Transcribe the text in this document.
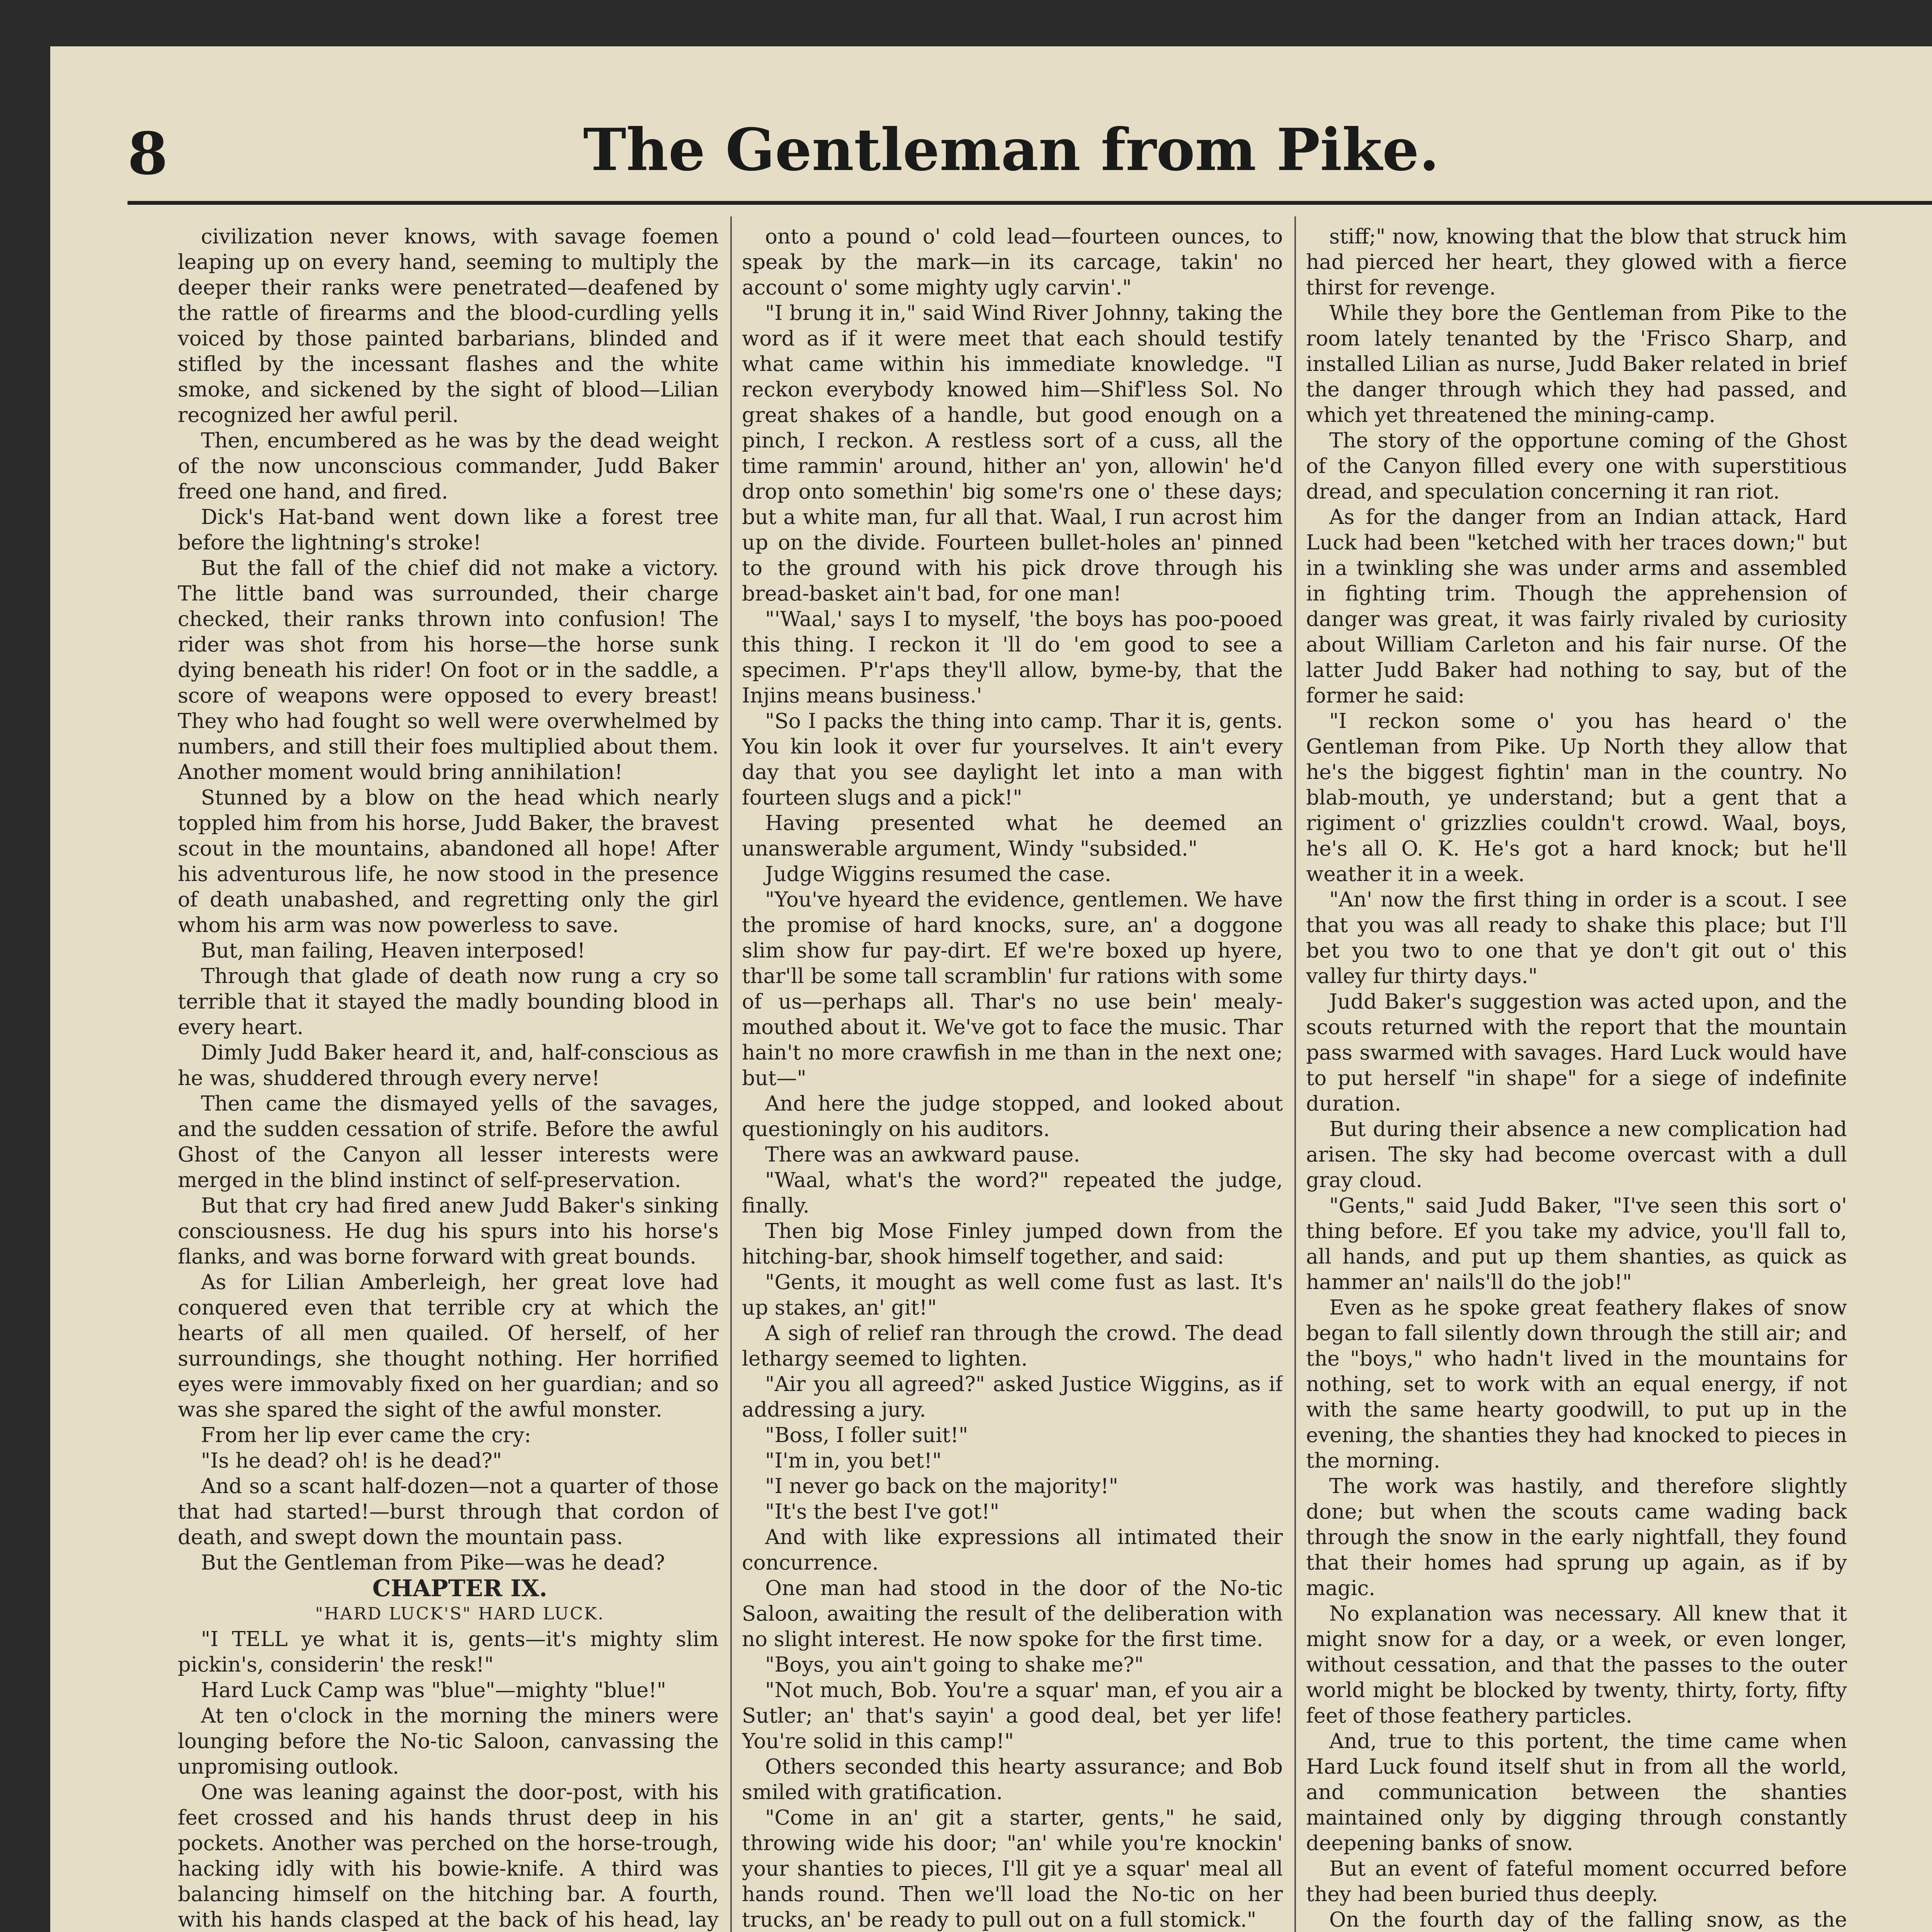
8	The Gentleman from Pike.

civilization never knows, with savage foemen leaping up on every hand, seeming to multiply the deeper their ranks were penetrated—deafened by the rattle of firearms and the blood-curdling yells voiced by those painted barbarians, blinded and stifled by the incessant flashes and the white smoke, and sickened by the sight of blood—Lilian recognized her awful peril.

Then, encumbered as he was by the dead weight of the now unconscious commander, Judd Baker freed one hand, and fired.

Dick's Hat-band went down like a forest tree before the lightning's stroke!

But the fall of the chief did not make a victory. The little band was surrounded, their charge checked, their ranks thrown into confusion! The rider was shot from his horse—the horse sunk dying beneath his rider! On foot or in the saddle, a score of weapons were opposed to every breast! They who had fought so well were overwhelmed by numbers, and still their foes multiplied about them. Another moment would bring annihilation!

Stunned by a blow on the head which nearly toppled him from his horse, Judd Baker, the bravest scout in the mountains, abandoned all hope! After his adventurous life, he now stood in the presence of death unabashed, and regretting only the girl whom his arm was now powerless to save.

But, man failing, Heaven interposed!

Through that glade of death now rung a cry so terrible that it stayed the madly bounding blood in every heart.

Dimly Judd Baker heard it, and, half-conscious as he was, shuddered through every nerve!

Then came the dismayed yells of the savages, and the sudden cessation of strife. Before the awful Ghost of the Canyon all lesser interests were merged in the blind instinct of self-preservation.

But that cry had fired anew Judd Baker's sinking consciousness. He dug his spurs into his horse's flanks, and was borne forward with great bounds.

As for Lilian Amberleigh, her great love had conquered even that terrible cry at which the hearts of all men quailed. Of herself, of her surroundings, she thought nothing. Her horrified eyes were immovably fixed on her guardian; and so was she spared the sight of the awful monster.

From her lip ever came the cry:

"Is he dead? oh! is he dead?"

And so a scant half-dozen—not a quarter of those that had started!—burst through that cordon of death, and swept down the mountain pass.

But the Gentleman from Pike—was he dead?

CHAPTER IX.

"HARD LUCK'S" HARD LUCK.

"I TELL ye what it is, gents—it's mighty slim pickin's, considerin' the resk!"

Hard Luck Camp was "blue"—mighty "blue!"

At ten o'clock in the morning the miners were lounging before the No-tic Saloon, canvassing the unpromising outlook.

One was leaning against the door-post, with his feet crossed and his hands thrust deep in his pockets. Another was perched on the horse-trough, hacking idly with his bowie-knife. A third was balancing himself on the hitching bar. A fourth, with his hands clasped at the back of his head, lay

onto a pound o' cold lead—fourteen ounces, to speak by the mark—in its carcage, takin' no account o' some mighty ugly carvin'."

"I brung it in," said Wind River Johnny, taking the word as if it were meet that each should testify what came within his immediate knowledge. "I reckon everybody knowed him—Shif'less Sol. No great shakes of a handle, but good enough on a pinch, I reckon. A restless sort of a cuss, all the time rammin' around, hither an' yon, allowin' he'd drop onto somethin' big some'rs one o' these days; but a white man, fur all that. Waal, I run acrost him up on the divide. Fourteen bullet-holes an' pinned to the ground with his pick drove through his bread-basket ain't bad, for one man!

"'Waal,' says I to myself, 'the boys has poo-pooed this thing. I reckon it 'll do 'em good to see a specimen. P'r'aps they'll allow, byme-by, that the Injins means business.'

"So I packs the thing into camp. Thar it is, gents. You kin look it over fur yourselves. It ain't every day that you see daylight let into a man with fourteen slugs and a pick!"

Having presented what he deemed an unanswerable argument, Windy "subsided."

Judge Wiggins resumed the case.

"You've hyeard the evidence, gentlemen. We have the promise of hard knocks, sure, an' a doggone slim show fur pay-dirt. Ef we're boxed up hyere, thar'll be some tall scramblin' fur rations with some of us—perhaps all. Thar's no use bein' mealy-mouthed about it. We've got to face the music. Thar hain't no more crawfish in me than in the next one; but—"

And here the judge stopped, and looked about questioningly on his auditors.

There was an awkward pause.

"Waal, what's the word?" repeated the judge, finally.

Then big Mose Finley jumped down from the hitching-bar, shook himself together, and said:

"Gents, it mought as well come fust as last. It's up stakes, an' git!"

A sigh of relief ran through the crowd. The dead lethargy seemed to lighten.

"Air you all agreed?" asked Justice Wiggins, as if addressing a jury.

"Boss, I foller suit!"

"I'm in, you bet!"

"I never go back on the majority!"

"It's the best I've got!"

And with like expressions all intimated their concurrence.

One man had stood in the door of the No-tic Saloon, awaiting the result of the deliberation with no slight interest. He now spoke for the first time.

"Boys, you ain't going to shake me?"

"Not much, Bob. You're a squar' man, ef you air a Sutler; an' that's sayin' a good deal, bet yer life! You're solid in this camp!"

Others seconded this hearty assurance; and Bob smiled with gratification.

"Come in an' git a starter, gents," he said, throwing wide his door; "an' while you're knockin' your shanties to pieces, I'll git ye a squar' meal all hands round. Then we'll load the No-tic on her trucks, an' be ready to pull out on a full stomick."

stiff;" now, knowing that the blow that struck him had pierced her heart, they glowed with a fierce thirst for revenge.

While they bore the Gentleman from Pike to the room lately tenanted by the 'Frisco Sharp, and installed Lilian as nurse, Judd Baker related in brief the danger through which they had passed, and which yet threatened the mining-camp.

The story of the opportune coming of the Ghost of the Canyon filled every one with superstitious dread, and speculation concerning it ran riot.

As for the danger from an Indian attack, Hard Luck had been "ketched with her traces down;" but in a twinkling she was under arms and assembled in fighting trim. Though the apprehension of danger was great, it was fairly rivaled by curiosity about William Carleton and his fair nurse. Of the latter Judd Baker had nothing to say, but of the former he said:

"I reckon some o' you has heard o' the Gentleman from Pike. Up North they allow that he's the biggest fightin' man in the country. No blab-mouth, ye understand; but a gent that a rigiment o' grizzlies couldn't crowd. Waal, boys, he's all O. K. He's got a hard knock; but he'll weather it in a week.

"An' now the first thing in order is a scout. I see that you was all ready to shake this place; but I'll bet you two to one that ye don't git out o' this valley fur thirty days."

Judd Baker's suggestion was acted upon, and the scouts returned with the report that the mountain pass swarmed with savages. Hard Luck would have to put herself "in shape" for a siege of indefinite duration.

But during their absence a new complication had arisen. The sky had become overcast with a dull gray cloud.

"Gents," said Judd Baker, "I've seen this sort o' thing before. Ef you take my advice, you'll fall to, all hands, and put up them shanties, as quick as hammer an' nails'll do the job!"

Even as he spoke great feathery flakes of snow began to fall silently down through the still air; and the "boys," who hadn't lived in the mountains for nothing, set to work with an equal energy, if not with the same hearty goodwill, to put up in the evening, the shanties they had knocked to pieces in the morning.

The work was hastily, and therefore slightly done; but when the scouts came wading back through the snow in the early nightfall, they found that their homes had sprung up again, as if by magic.

No explanation was necessary. All knew that it might snow for a day, or a week, or even longer, without cessation, and that the passes to the outer world might be blocked by twenty, thirty, forty, fifty feet of those feathery particles.

And, true to this portent, the time came when Hard Luck found itself shut in from all the world, and communication between the shanties maintained only by digging through constantly deepening banks of snow.

But an event of fateful moment occurred before they had been buried thus deeply.

On the fourth day of the falling snow, as the
